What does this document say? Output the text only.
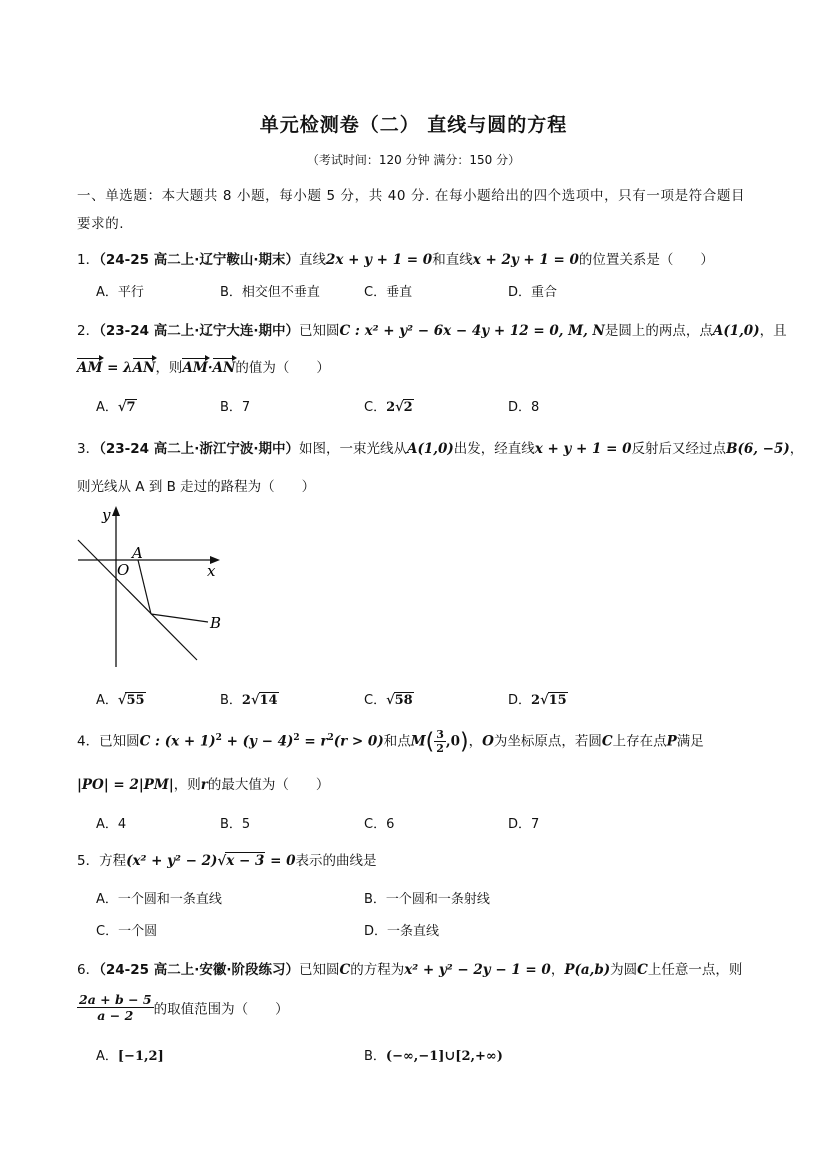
单元检测卷（二） 直线与圆的方程
（考试时间：120 分钟 满分：150 分）
一、单选题：本大题共 8 小题，每小题 5 分，共 40 分. 在每小题给出的四个选项中，只有一项是符合题目要求的.
1．（24-25 高二上·辽宁鞍山·期末）直线2x + y + 1 = 0和直线x + 2y + 1 = 0的位置关系是（　　）
A．平行	B．相交但不垂直	C．垂直	D．重合
2．（23-24 高二上·辽宁大连·期中）已知圆C : x² + y² − 6x − 4y + 12 = 0, M, N是圆上的两点，点A(1,0)，且
AM = λAN，则AM·AN的值为（　　）
A．√7	B．7	C．2√2	D．8
3．（23-24 高二上·浙江宁波·期中）如图，一束光线从A(1,0)出发，经直线x + y + 1 = 0反射后又经过点B(6, −5)，
则光线从 A 到 B 走过的路程为（　　）
y
x
O
A
B
A．√55	B．2√14	C．√58	D．2√15
4．已知圆C : $(x + 1)^2 + (y - 4)^2 = r^2(r > 0)$和点$M( \frac{3}{2} ,0)$，O为坐标原点，若圆C上存在点P满足
|PO| = 2|PM|，则r的最大值为（　　）
A．4	B．5	C．6	D．7
5．方程(x² + y² − 2)√x − 3 = 0表示的曲线是
A．一个圆和一条直线	B．一个圆和一条射线
C．一个圆	D．一条直线
6．（24-25 高二上·安徽·阶段练习）已知圆C的方程为x² + y² − 2y − 1 = 0，P(a,b)为圆C上任意一点，则
$\frac{2a + b - 5}{a - 2}$ 的取值范围为（　　）
A．[−1,2]	B．(−∞,−1]∪[2,+∞)
